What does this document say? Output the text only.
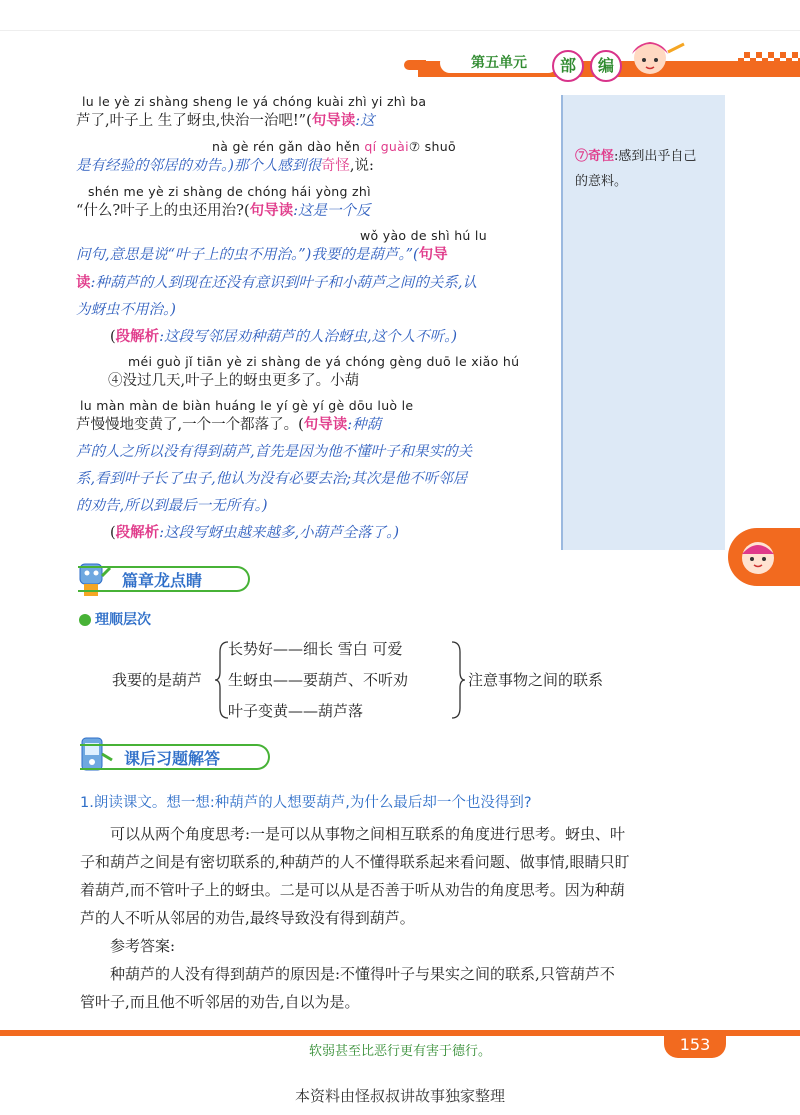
第五单元	部	编
⑦奇怪:感到出乎自己
的意料。
lu le yè zi shàng sheng le yá chóng kuài zhì yi zhì ba
芦了,叶子上 生了蚜虫,快治一治吧!”(句导读:这
nà gè rén gǎn dào hěn qí guài⑦ shuō
是有经验的邻居的劝告。)那个人感到很奇怪,说:
shén me yè zi shàng de chóng hái yòng zhì
“什么?叶子上的虫还用治?(句导读:这是一个反
wǒ yào de shì hú lu
问句,意思是说“叶子上的虫不用治。”)我要的是葫芦。”(句导
读:种葫芦的人到现在还没有意识到叶子和小葫芦之间的关系,认
为蚜虫不用治。)
(段解析:这段写邻居劝种葫芦的人治蚜虫,这个人不听。)
méi guò jǐ tiān yè zi shàng de yá chóng gèng duō le xiǎo hú
④没过几天,叶子上的蚜虫更多了。小葫
lu màn màn de biàn huáng le yí gè yí gè dōu luò le
芦慢慢地变黄了,一个一个都落了。(句导读:种葫
芦的人之所以没有得到葫芦,首先是因为他不懂叶子和果实的关
系,看到叶子长了虫子,他认为没有必要去治;其次是他不听邻居
的劝告,所以到最后一无所有。)
(段解析:这段写蚜虫越来越多,小葫芦全落了。)
篇章龙点睛
理顺层次
长势好——细长 雪白 可爱
我要的是葫芦 生蚜虫——要葫芦、不听劝
叶子变黄——葫芦落
注意事物之间的联系
课后习题解答
1.朗读课文。想一想:种葫芦的人想要葫芦,为什么最后却一个也没得到?
可以从两个角度思考:一是可以从事物之间相互联系的角度进行思考。蚜虫、叶
子和葫芦之间是有密切联系的,种葫芦的人不懂得联系起来看问题、做事情,眼睛只盯
着葫芦,而不管叶子上的蚜虫。二是可以从是否善于听从劝告的角度思考。因为种葫
芦的人不听从邻居的劝告,最终导致没有得到葫芦。
参考答案:
种葫芦的人没有得到葫芦的原因是:不懂得叶子与果实之间的联系,只管葫芦不
管叶子,而且他不听邻居的劝告,自以为是。
软弱甚至比恶行更有害于德行。	153
本资料由怪叔叔讲故事独家整理
